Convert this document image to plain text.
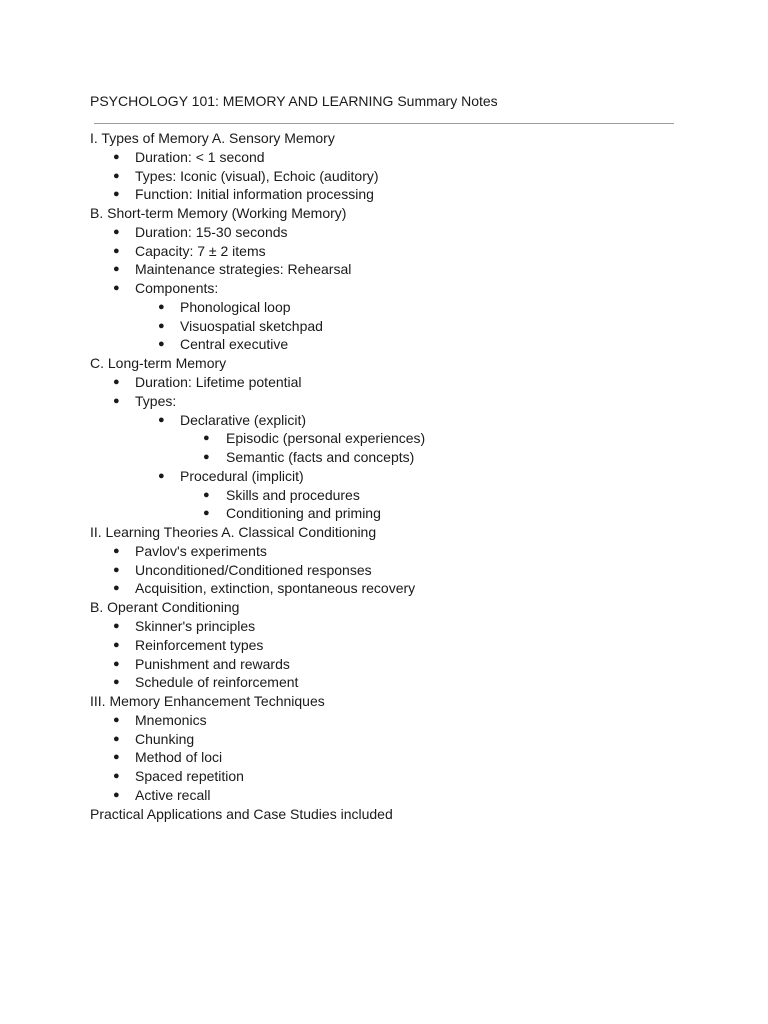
PSYCHOLOGY 101: MEMORY AND LEARNING Summary Notes
I. Types of Memory A. Sensory Memory
● Duration: < 1 second
● Types: Iconic (visual), Echoic (auditory)
● Function: Initial information processing
B. Short-term Memory (Working Memory)
● Duration: 15-30 seconds
● Capacity: 7 ± 2 items
● Maintenance strategies: Rehearsal
● Components:
● Phonological loop
● Visuospatial sketchpad
● Central executive
C. Long-term Memory
● Duration: Lifetime potential
● Types:
● Declarative (explicit)
● Episodic (personal experiences)
● Semantic (facts and concepts)
● Procedural (implicit)
● Skills and procedures
● Conditioning and priming
II. Learning Theories A. Classical Conditioning
● Pavlov's experiments
● Unconditioned/Conditioned responses
● Acquisition, extinction, spontaneous recovery
B. Operant Conditioning
● Skinner's principles
● Reinforcement types
● Punishment and rewards
● Schedule of reinforcement
III. Memory Enhancement Techniques
● Mnemonics
● Chunking
● Method of loci
● Spaced repetition
● Active recall
Practical Applications and Case Studies included
